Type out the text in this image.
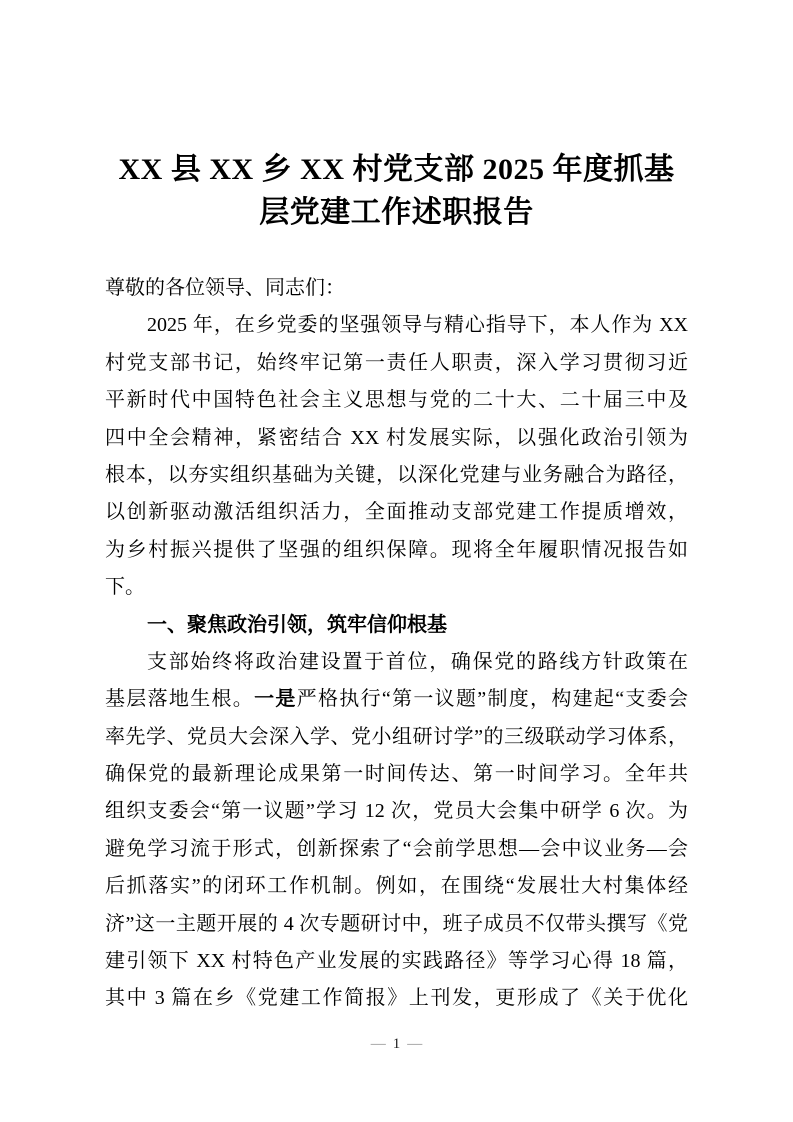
XX 县 XX 乡 XX 村党支部 2025 年度抓基
层党建工作述职报告
尊敬的各位领导、同志们：
2025 年，在乡党委的坚强领导与精心指导下，本人作为 XX
村党支部书记，始终牢记第一责任人职责，深入学习贯彻习近
平新时代中国特色社会主义思想与党的二十大、二十届三中及
四中全会精神，紧密结合 XX 村发展实际，以强化政治引领为
根本，以夯实组织基础为关键，以深化党建与业务融合为路径，
以创新驱动激活组织活力，全面推动支部党建工作提质增效，
为乡村振兴提供了坚强的组织保障。现将全年履职情况报告如
下。
一、聚焦政治引领，筑牢信仰根基
支部始终将政治建设置于首位，确保党的路线方针政策在
基层落地生根。一是严格执行“第一议题”制度，构建起“支委会
率先学、党员大会深入学、党小组研讨学”的三级联动学习体系，
确保党的最新理论成果第一时间传达、第一时间学习。全年共
组织支委会“第一议题”学习 12 次，党员大会集中研学 6 次。为
避免学习流于形式，创新探索了“会前学思想—会中议业务—会
后抓落实”的闭环工作机制。例如，在围绕“发展壮大村集体经
济”这一主题开展的 4 次专题研讨中，班子成员不仅带头撰写《党
建引领下 XX 村特色产业发展的实践路径》等学习心得 18 篇，
其中 3 篇在乡《党建工作简报》上刊发，更形成了《关于优化
— 1 —
